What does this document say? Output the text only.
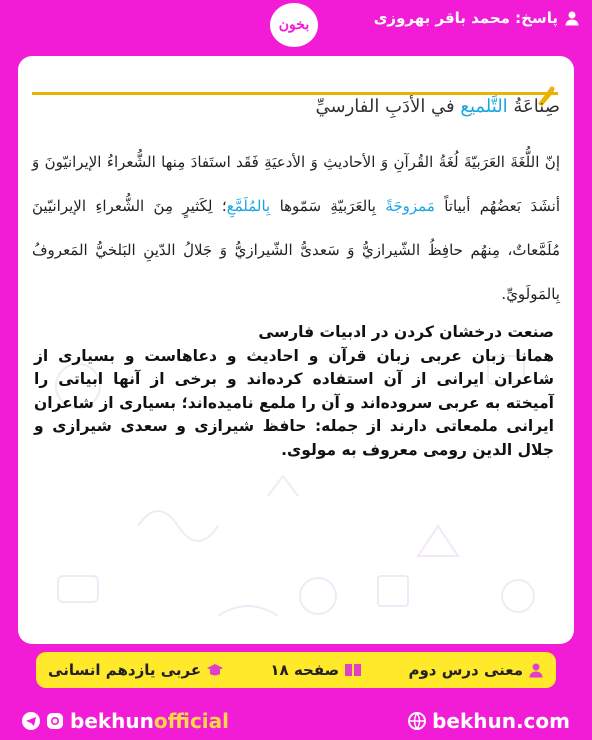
پاسخ: محمد باقر بهروزی
بخون
صِناعَةُ التَّلميع في الأدَبِ الفارسيِّ
إنّ اللُّغَةَ العَرَبیّةَ لُغَةُ القُرآنِ وَ الأحادیثِ وَ الأدعیَةِ فَقَد استَفادَ مِنها الشُّعراءُ الإیرانیّونَ وَ أنشَدَ بَعضُهُم أبیاتاً مَمزوجَةً بِالعَرَبیّةِ سَمّوها بِالمُلَمَّعِ؛ لِکَثیرٍ مِنَ الشُّعراءِ الإیرانیّینَ مُلَمَّعاتٌ، مِنهُم حافِظُ الشّیرازيُّ وَ سَعدیُّ الشّیرازيُّ وَ جَلالُ الدّینِ البَلخيُّ المَعروفُ بِالمَولَويِّ.
صنعت درخشان کردن در ادبیات فارسی
همانا زبان عربی زبان قرآن و احادیث و دعاهاست و بسیاری از شاعران ایرانی از آن استفاده کرده‌اند و برخی از آنها ابیاتی را آمیخته به عربی سروده‌اند و آن را ملمع نامیده‌اند؛ بسیاری از شاعران ایرانی ملمعاتی دارند از جمله: حافظ شیرازی و سعدی شیرازی و جلال الدین رومی معروف به مولوی.
معنی درس دوم
صفحه ۱۸
عربی یازدهم انسانی
bekhunofficial	bekhun.com
